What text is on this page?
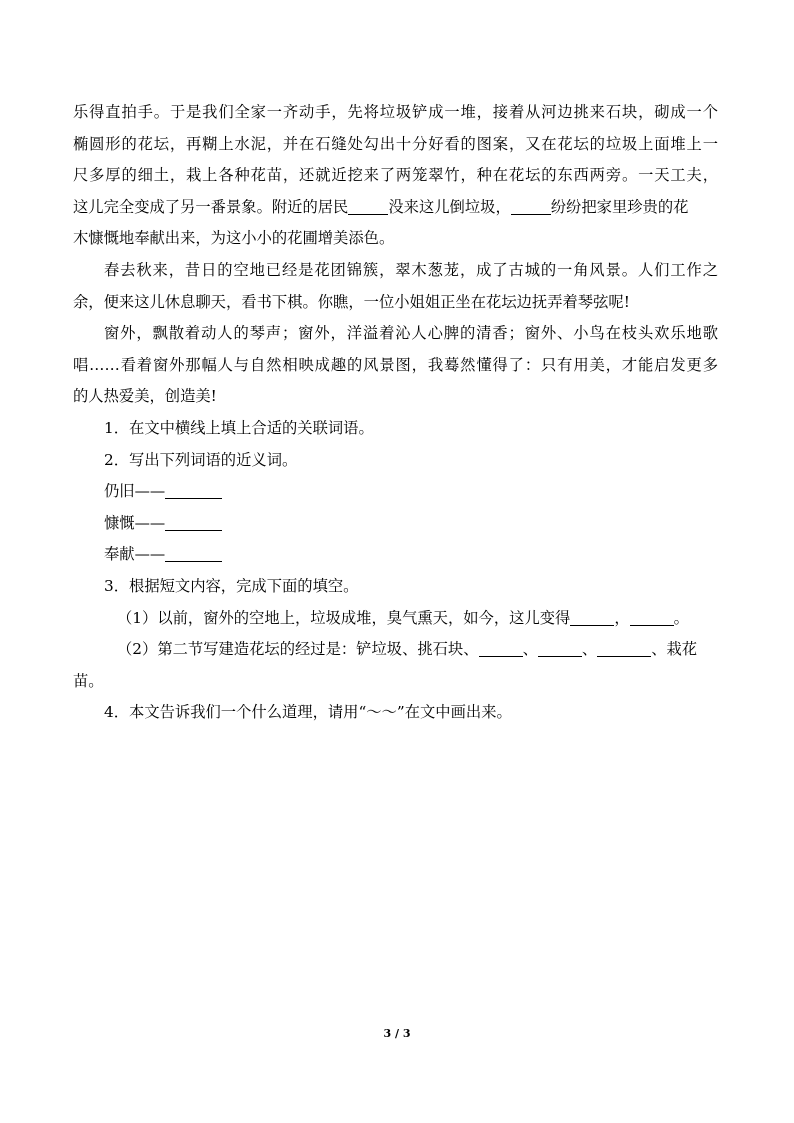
乐得直拍手。于是我们全家一齐动手，先将垃圾铲成一堆，接着从河边挑来石块，砌成一个
椭圆形的花坛，再糊上水泥，并在石缝处勾出十分好看的图案，又在花坛的垃圾上面堆上一
尺多厚的细土，栽上各种花苗，还就近挖来了两笼翠竹，种在花坛的东西两旁。一天工夫，
这儿完全变成了另一番景象。附近的居民	没来这儿倒垃圾，	纷纷把家里珍贵的花
木慷慨地奉献出来，为这小小的花圃增美添色。
春去秋来，昔日的空地已经是花团锦簇，翠木葱茏，成了古城的一角风景。人们工作之
余，便来这儿休息聊天，看书下棋。你瞧，一位小姐姐正坐在花坛边抚弄着琴弦呢!
窗外，飘散着动人的琴声；窗外，洋溢着沁人心脾的清香；窗外、小鸟在枝头欢乐地歌
唱……看着窗外那幅人与自然相映成趣的风景图，我蓦然懂得了：只有用美，才能启发更多
的人热爱美，创造美!
1．在文中横线上填上合适的关联词语。
2．写出下列词语的近义词。
仍旧——
慷慨——
奉献——
3．根据短文内容，完成下面的填空。
（1）以前，窗外的空地上，垃圾成堆，臭气熏天，如今，这儿变得	，	。
（2）第二节写建造花坛的经过是：铲垃圾、挑石块、	、	、	、栽花
苗。
4．本文告诉我们一个什么道理，请用“～～”在文中画出来。
3 / 3
